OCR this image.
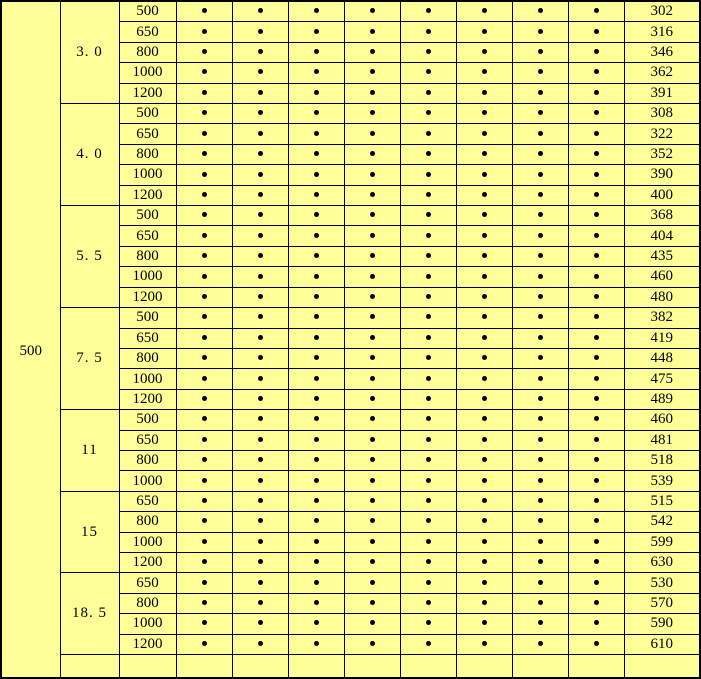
500	3. 0	500									302
		650									316
		800									346
		1000									362
		1200									391
	4. 0	500									308
		650									322
		800									352
		1000									390
		1200									400
	5. 5	500									368
		650									404
		800									435
		1000									460
		1200									480
	7. 5	500									382
		650									419
		800									448
		1000									475
		1200									489
	11	500									460
		650									481
		800									518
		1000									539
	15	650									515
		800									542
		1000									599
		1200									630
	18. 5	650									530
		800									570
		1000									590
		1200									610
